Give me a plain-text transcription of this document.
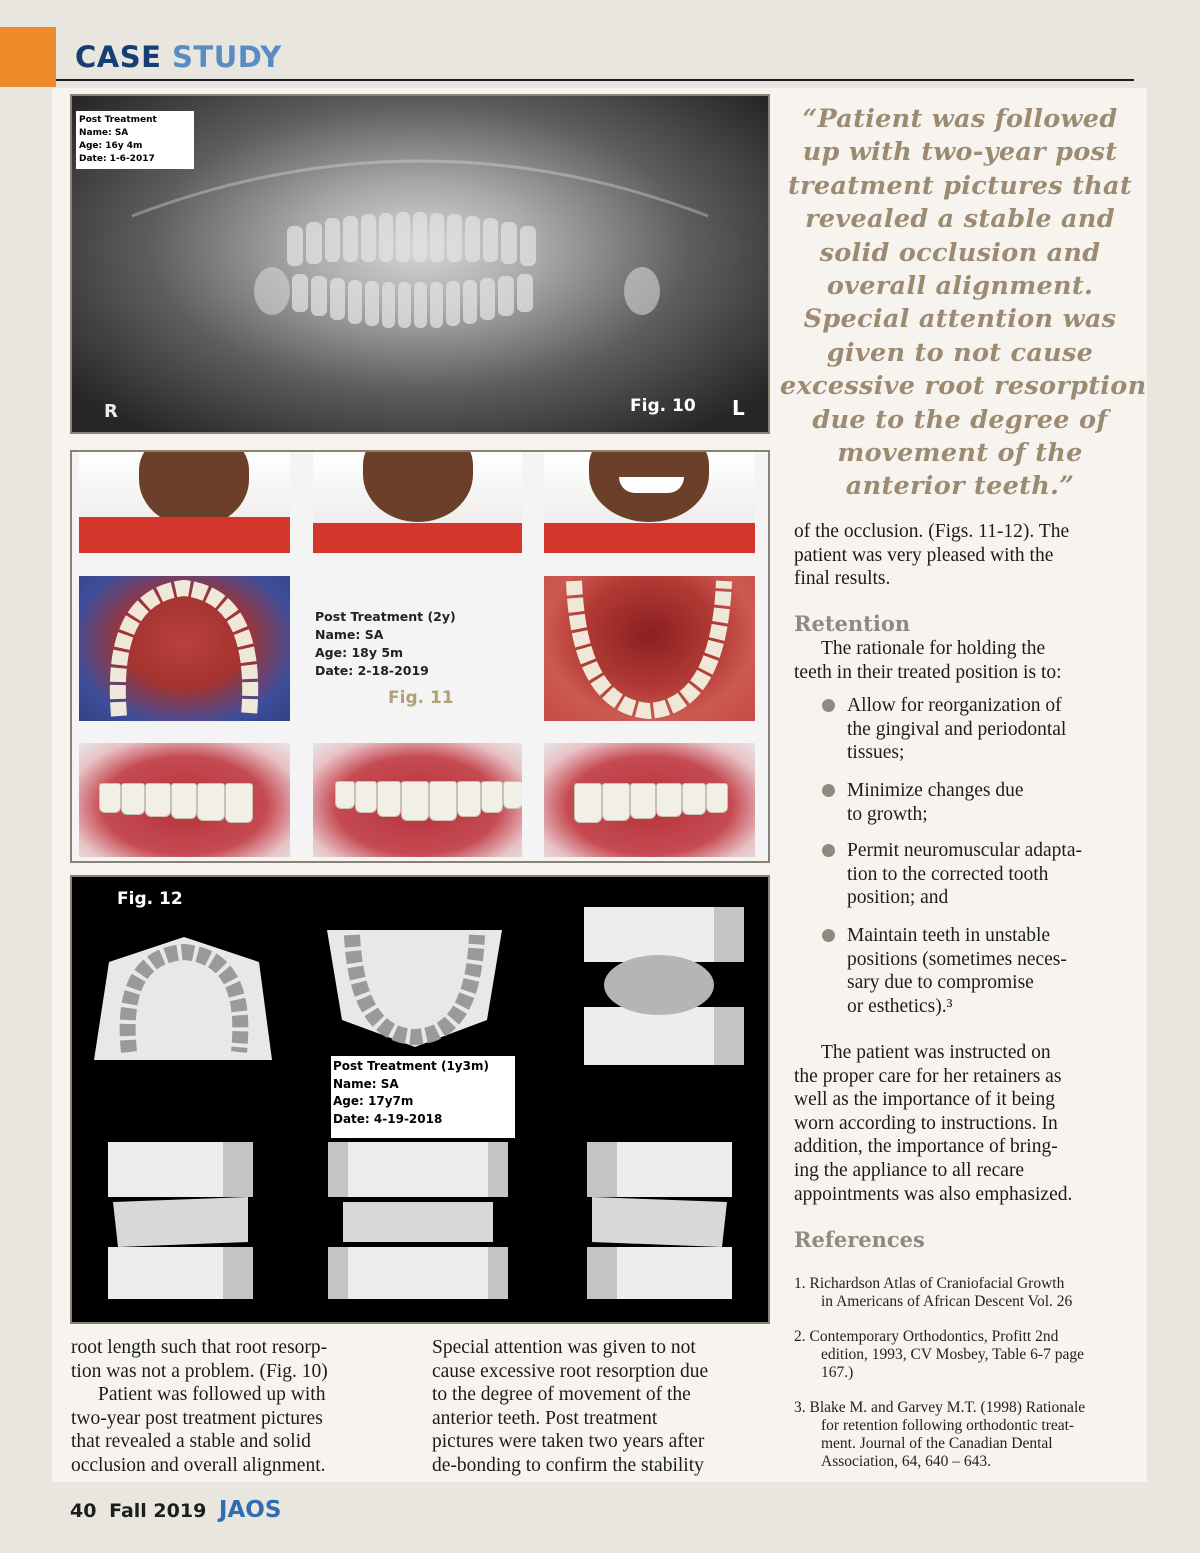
CASE STUDY
Post Treatment
Name: SA
Age: 16y 4m
Date: 1-6-2017
R	Fig. 10 L
Post Treatment (2y)
Name: SA
Age: 18y 5m
Date: 2-18-2019
Fig. 11
Fig. 12
Post Treatment (1y3m)
Name: SA
Age: 17y7m
Date: 4-19-2018
“Patient was followed
up with two-year post
treatment pictures that
revealed a stable and
solid occlusion and
overall alignment.
Special attention was
given to not cause
excessive root resorption
due to the degree of
movement of the
anterior teeth.”
of the occlusion. (Figs. 11-12). The
patient was very pleased with the
final results.
Retention
The rationale for holding the
teeth in their treated position is to:
Allow for reorganization of
the gingival and periodontal
tissues;
Minimize changes due
to growth;
Permit neuromuscular adapta-
tion to the corrected tooth
position; and
Maintain teeth in unstable
positions (sometimes neces-
sary due to compromise
or esthetics).³
The patient was instructed on
the proper care for her retainers as
well as the importance of it being
worn according to instructions. In
addition, the importance of bring-
ing the appliance to all recare
appointments was also emphasized.
References
1. Richardson Atlas of Craniofacial Growth
in Americans of African Descent Vol. 26
2. Contemporary Orthodontics, Profitt 2nd
edition, 1993, CV Mosbey, Table 6-7 page
167.)
3. Blake M. and Garvey M.T. (1998) Rationale
for retention following orthodontic treat-
ment. Journal of the Canadian Dental
Association, 64, 640 – 643.
root length such that root resorp-
tion was not a problem. (Fig. 10)
Patient was followed up with
two-year post treatment pictures
that revealed a stable and solid
occlusion and overall alignment.
Special attention was given to not
cause excessive root resorption due
to the degree of movement of the
anterior teeth. Post treatment
pictures were taken two years after
de-bonding to confirm the stability
40 Fall 2019 JAOS
